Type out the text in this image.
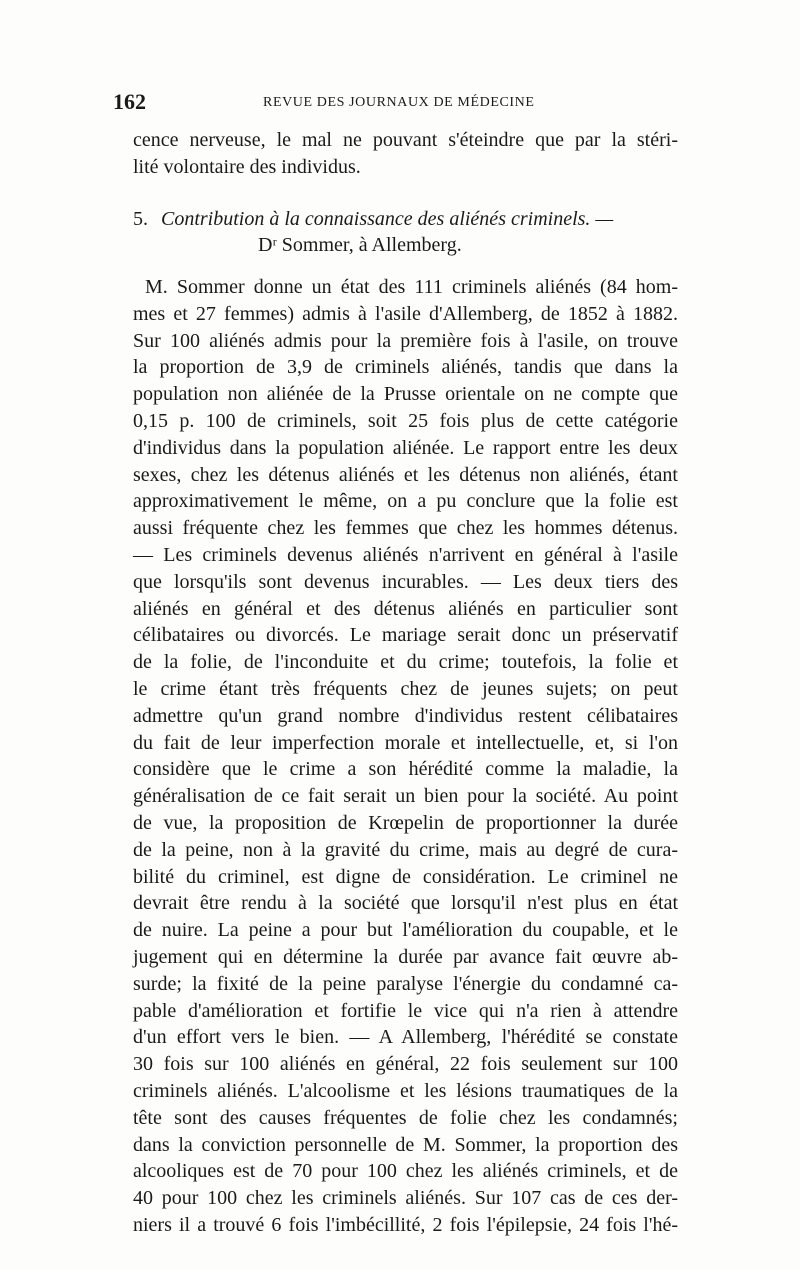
162	REVUE DES JOURNAUX DE MÉDECINE
cence nerveuse, le mal ne pouvant s'éteindre que par la stéri-
lité volontaire des individus.
5. Contribution à la connaissance des aliénés criminels. —
Dʳ Sommer, à Allemberg.
M. Sommer donne un état des 111 criminels aliénés (84 hom-
mes et 27 femmes) admis à l'asile d'Allemberg, de 1852 à 1882.
Sur 100 aliénés admis pour la première fois à l'asile, on trouve
la proportion de 3,9 de criminels aliénés, tandis que dans la
population non aliénée de la Prusse orientale on ne compte que
0,15 p. 100 de criminels, soit 25 fois plus de cette catégorie
d'individus dans la population aliénée. Le rapport entre les deux
sexes, chez les détenus aliénés et les détenus non aliénés, étant
approximativement le même, on a pu conclure que la folie est
aussi fréquente chez les femmes que chez les hommes détenus.
— Les criminels devenus aliénés n'arrivent en général à l'asile
que lorsqu'ils sont devenus incurables. — Les deux tiers des
aliénés en général et des détenus aliénés en particulier sont
célibataires ou divorcés. Le mariage serait donc un préservatif
de la folie, de l'inconduite et du crime; toutefois, la folie et
le crime étant très fréquents chez de jeunes sujets; on peut
admettre qu'un grand nombre d'individus restent célibataires
du fait de leur imperfection morale et intellectuelle, et, si l'on
considère que le crime a son hérédité comme la maladie, la
généralisation de ce fait serait un bien pour la société. Au point
de vue, la proposition de Krœpelin de proportionner la durée
de la peine, non à la gravité du crime, mais au degré de cura-
bilité du criminel, est digne de considération. Le criminel ne
devrait être rendu à la société que lorsqu'il n'est plus en état
de nuire. La peine a pour but l'amélioration du coupable, et le
jugement qui en détermine la durée par avance fait œuvre ab-
surde; la fixité de la peine paralyse l'énergie du condamné ca-
pable d'amélioration et fortifie le vice qui n'a rien à attendre
d'un effort vers le bien. — A Allemberg, l'hérédité se constate
30 fois sur 100 aliénés en général, 22 fois seulement sur 100
criminels aliénés. L'alcoolisme et les lésions traumatiques de la
tête sont des causes fréquentes de folie chez les condamnés;
dans la conviction personnelle de M. Sommer, la proportion des
alcooliques est de 70 pour 100 chez les aliénés criminels, et de
40 pour 100 chez les criminels aliénés. Sur 107 cas de ces der-
niers il a trouvé 6 fois l'imbécillité, 2 fois l'épilepsie, 24 fois l'hé-
